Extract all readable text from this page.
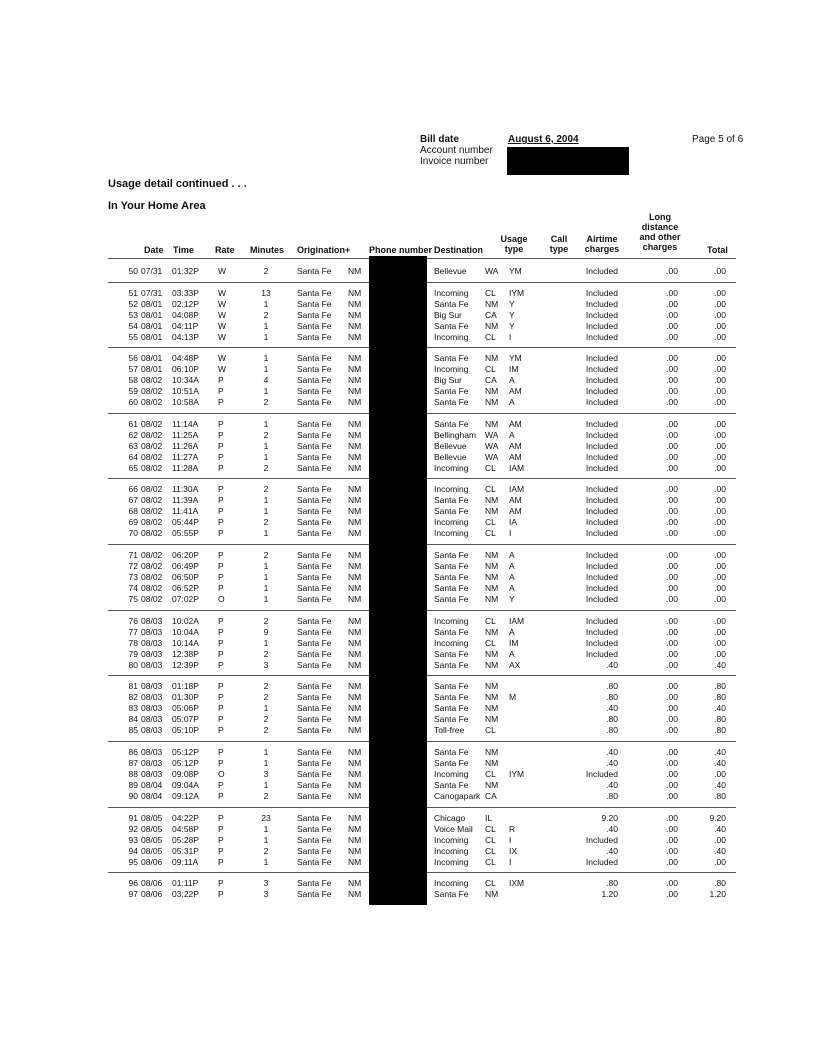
Bill date
Account number
Invoice number
August 6, 2004	Page 5 of 6
Usage detail continued . . .
In Your Home Area
Date Time Rate Minutes Origination+ Phone number Destination
Usage
type
Call
type
Airtime
charges
Long
distance
and other
charges	Total
50 07/31 01:32P W	2	Santa Fe NM	Bellevue WA YM	Included	.00	.00
51 07/31 03:33P W	13	Santa Fe NM	Incoming CL IYM	Included	.00	.00
52 08/01 02:12P W	1	Santa Fe NM	Santa Fe NM Y	Included	.00	.00
53 08/01 04:08P W	2	Santa Fe NM	Big Sur	CA Y	Included	.00	.00
54 08/01 04:11P W	1	Santa Fe NM	Santa Fe NM Y	Included	.00	.00
55 08/01 04:13P W	1	Santa Fe NM	Incoming CL I	Included	.00	.00
56 08/01 04:48P W	1	Santa Fe NM	Santa Fe NM YM	Included	.00	.00
57 08/01 06:10P W	1	Santa Fe NM	Incoming CL IM	Included	.00	.00
58 08/02 10:34A P	4	Santa Fe NM	Big Sur	CA A	Included	.00	.00
59 08/02 10:51A P	1	Santa Fe NM	Santa Fe NM AM	Included	.00	.00
60 08/02 10:58A P	2	Santa Fe NM	Santa Fe NM A	Included	.00	.00
61 08/02 11:14A P	1	Santa Fe NM	Santa Fe NM AM	Included	.00	.00
62 08/02 11:25A P	2	Santa Fe NM	Bellingham WA A	Included	.00	.00
63 08/02 11:26A P	1	Santa Fe NM	Bellevue WA AM	Included	.00	.00
64 08/02 11:27A P	1	Santa Fe NM	Bellevue WA AM	Included	.00	.00
65 08/02 11:28A P	2	Santa Fe NM	Incoming CL IAM	Included	.00	.00
66 08/02 11:30A P	2	Santa Fe NM	Incoming CL IAM	Included	.00	.00
67 08/02 11:39A P	1	Santa Fe NM	Santa Fe NM AM	Included	.00	.00
68 08/02 11:41A P	1	Santa Fe NM	Santa Fe NM AM	Included	.00	.00
69 08/02 05:44P P	2	Santa Fe NM	Incoming CL IA	Included	.00	.00
70 08/02 05:55P P	1	Santa Fe NM	Incoming CL I	Included	.00	.00
71 08/02 06:20P P	2	Santa Fe NM	Santa Fe NM A	Included	.00	.00
72 08/02 06:49P P	1	Santa Fe NM	Santa Fe NM A	Included	.00	.00
73 08/02 06:50P P	1	Santa Fe NM	Santa Fe NM A	Included	.00	.00
74 08/02 06:52P P	1	Santa Fe NM	Santa Fe NM A	Included	.00	.00
75 08/02 07:02P O	1	Santa Fe NM	Santa Fe NM Y	Included	.00	.00
76 08/03 10:02A P	2	Santa Fe NM	Incoming CL IAM	Included	.00	.00
77 08/03 10:04A P	9	Santa Fe NM	Santa Fe NM A	Included	.00	.00
78 08/03 10:14A P	1	Santa Fe NM	Incoming CL IM	Included	.00	.00
79 08/03 12:38P P	2	Santa Fe NM	Santa Fe NM A	Included	.00	.00
80 08/03 12:39P P	3	Santa Fe NM	Santa Fe NM AX	.40	.00	.40
81 08/03 01:18P P	2	Santa Fe NM	Santa Fe NM	.80	.00	.80
82 08/03 01:30P P	2	Santa Fe NM	Santa Fe NM M	.80	.00	.80
83 08/03 05:06P P	1	Santa Fe NM	Santa Fe NM	.40	.00	.40
84 08/03 05:07P P	2	Santa Fe NM	Santa Fe NM	.80	.00	.80
85 08/03 05:10P P	2	Santa Fe NM	Toll-free CL	.80	.00	.80
86 08/03 05:12P P	1	Santa Fe NM	Santa Fe NM	.40	.00	.40
87 08/03 05:12P P	1	Santa Fe NM	Santa Fe NM	.40	.00	.40
88 08/03 09:08P O	3	Santa Fe NM	Incoming CL IYM	Included	.00	.00
89 08/04 09:04A P	1	Santa Fe NM	Santa Fe NM	.40	.00	.40
90 08/04 09:12A P	2	Santa Fe NM	Canogapark CA	.80	.00	.80
91 08/05 04:22P P	23	Santa Fe NM	Chicago IL	9.20	.00	9.20
92 08/05 04:58P P	1	Santa Fe NM	Voice Mail CL R	.40	.00	.40
93 08/05 05:28P P	1	Santa Fe NM	Incoming CL I	Included	.00	.00
94 08/05 05:31P P	2	Santa Fe NM	Incoming CL IX	.40	.00	.40
95 08/06 09:11A P	1	Santa Fe NM	Incoming CL I	Included	.00	.00
96 08/06 01:11P P	3	Santa Fe NM	Incoming CL IXM	.80	.00	.80
97 08/06 03:22P P	3	Santa Fe NM	Santa Fe NM	1.20	.00	1.20
